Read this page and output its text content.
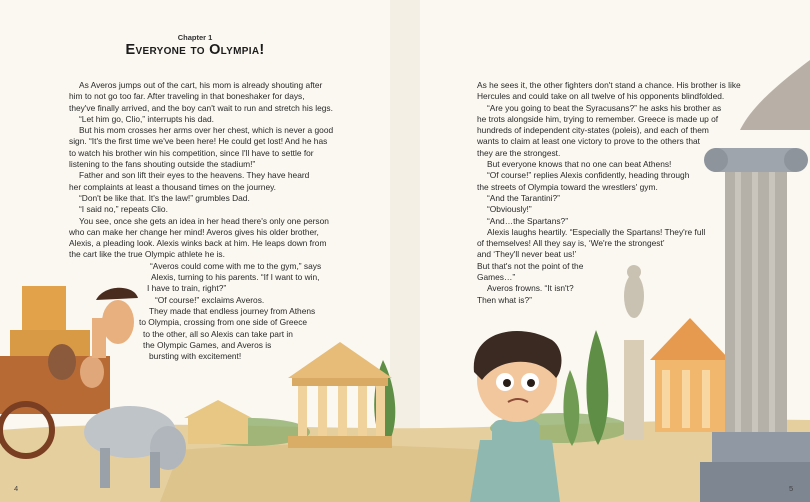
Chapter 1
Everyone to Olympia!
As Averos jumps out of the cart, his mom is already shouting after
him to not go too far. After traveling in that boneshaker for days,
they've finally arrived, and the boy can't wait to run and stretch his legs.
“Let him go, Clio,” interrupts his dad.
But his mom crosses her arms over her chest, which is never a good
sign. “It's the first time we've been here! He could get lost! And he has
to watch his brother win his competition, since I'll have to settle for
listening to the fans shouting outside the stadium!”
Father and son lift their eyes to the heavens. They have heard
her complaints at least a thousand times on the journey.
“Don't be like that. It's the law!” grumbles Dad.
“I said no,” repeats Clio.
You see, once she gets an idea in her head there's only one person
who can make her change her mind! Averos gives his older brother,
Alexis, a pleading look. Alexis winks back at him. He leaps down from
the cart like the true Olympic athlete he is.
“Averos could come with me to the gym,” says
Alexis, turning to his parents. “If I want to win,
I have to train, right?”
“Of course!” exclaims Averos.
They made that endless journey from Athens
to Olympia, crossing from one side of Greece
to the other, all so Alexis can take part in
the Olympic Games, and Averos is
bursting with excitement!
As he sees it, the other fighters don't stand a chance. His brother is like
Hercules and could take on all twelve of his opponents blindfolded.
“Are you going to beat the Syracusans?” he asks his brother as
he trots alongside him, trying to remember. Greece is made up of
hundreds of independent city-states (poleis), and each of them
wants to claim at least one victory to prove to the others that
they are the strongest.
But everyone knows that no one can beat Athens!
“Of course!” replies Alexis confidently, heading through
the streets of Olympia toward the wrestlers' gym.
“And the Tarantini?”
“Obviously!”
“And…the Spartans?”
Alexis laughs heartily. “Especially the Spartans! They're full
of themselves! All they say is, ‘We're the strongest’
and ‘They'll never beat us!’
But that's not the point of the
Games…”
Averos frowns. “It isn't?
Then what is?”
4	5
